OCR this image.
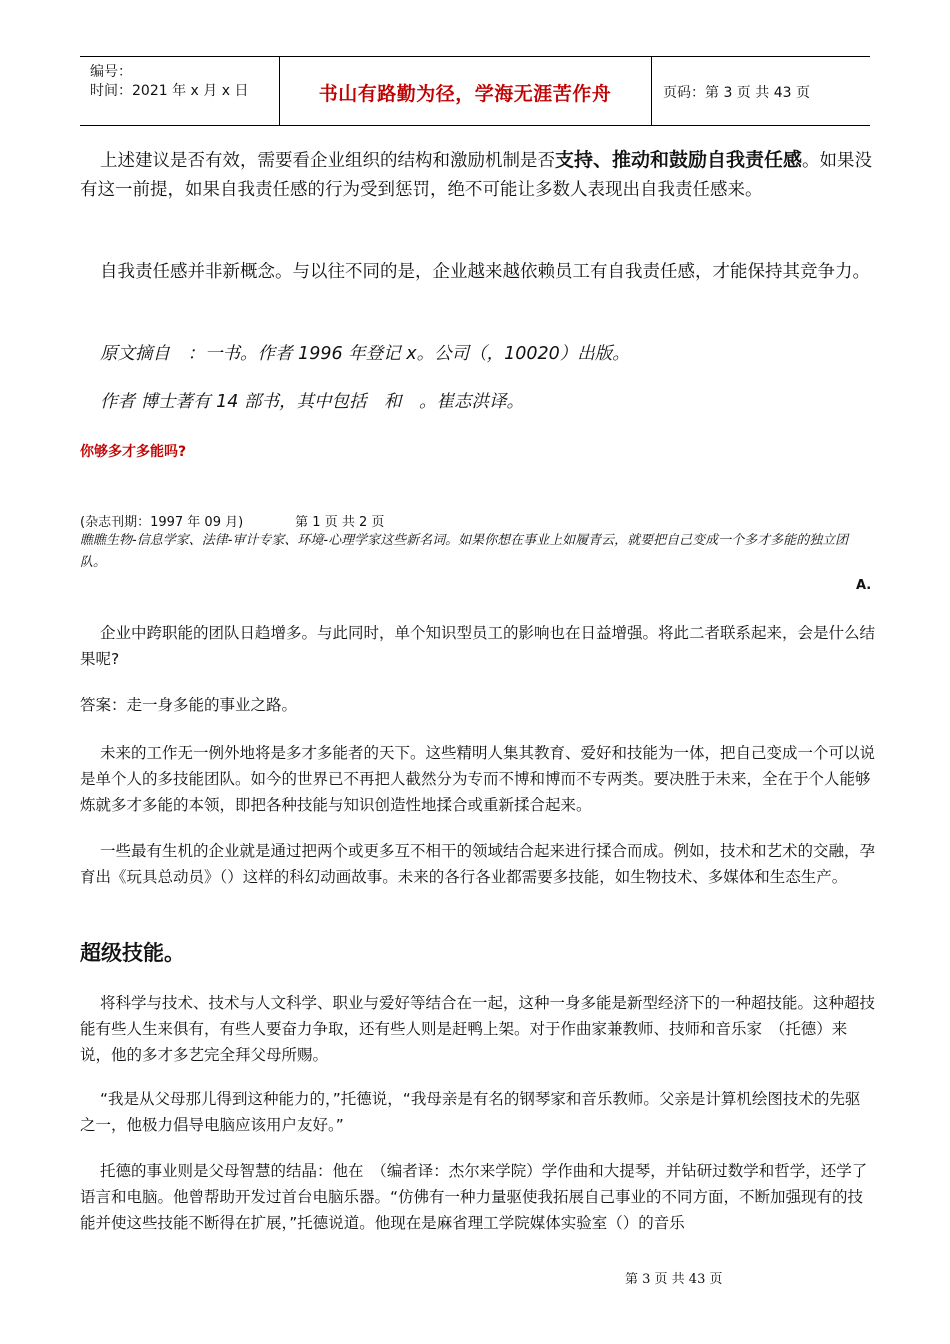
编号：
时间：2021 年 x 月 x 日	书山有路勤为径，学海无涯苦作舟	页码：第 3 页 共 43 页

上述建议是否有效，需要看企业组织的结构和激励机制是否支持、推动和鼓励自我责任感。如果没有这一前提，如果自我责任感的行为受到惩罚，绝不可能让多数人表现出自我责任感来。

自我责任感并非新概念。与以往不同的是，企业越来越依赖员工有自我责任感，才能保持其竞争力。

原文摘自　：一书。作者 1996 年登记 x。公司（，10020）出版。

作者 博士著有 14 部书，其中包括　和　。崔志洪译。

你够多才多能吗?

(杂志刊期：1997 年 09 月)　　　　第 1 页 共 2 页

瞧瞧生物-信息学家、法律-审计专家、环境-心理学家这些新名词。如果你想在事业上如履青云，就要把自己变成一个多才多能的独立团队。

A.

企业中跨职能的团队日趋增多。与此同时，单个知识型员工的影响也在日益增强。将此二者联系起来，会是什么结果呢?

答案：走一身多能的事业之路。

未来的工作无一例外地将是多才多能者的天下。这些精明人集其教育、爱好和技能为一体，把自己变成一个可以说是单个人的多技能团队。如今的世界已不再把人截然分为专而不博和博而不专两类。要决胜于未来，全在于个人能够炼就多才多能的本领，即把各种技能与知识创造性地揉合或重新揉合起来。

一些最有生机的企业就是通过把两个或更多互不相干的领域结合起来进行揉合而成。例如，技术和艺术的交融，孕育出《玩具总动员》（）这样的科幻动画故事。未来的各行各业都需要多技能，如生物技术、多媒体和生态生产。

超级技能。

将科学与技术、技术与人文科学、职业与爱好等结合在一起，这种一身多能是新型经济下的一种超技能。这种超技能有些人生来俱有，有些人要奋力争取，还有些人则是赶鸭上架。对于作曲家兼教师、技师和音乐家　（托德）来说，他的多才多艺完全拜父母所赐。

“我是从父母那儿得到这种能力的，”托德说，“我母亲是有名的钢琴家和音乐教师。父亲是计算机绘图技术的先驱之一，他极力倡导电脑应该用户友好。”

托德的事业则是父母智慧的结晶：他在　（编者译：杰尔来学院）学作曲和大提琴，并钻研过数学和哲学，还学了语言和电脑。他曾帮助开发过首台电脑乐器。“仿佛有一种力量驱使我拓展自己事业的不同方面，不断加强现有的技能并使这些技能不断得在扩展，”托德说道。他现在是麻省理工学院媒体实验室（）的音乐

第 3 页 共 43 页
